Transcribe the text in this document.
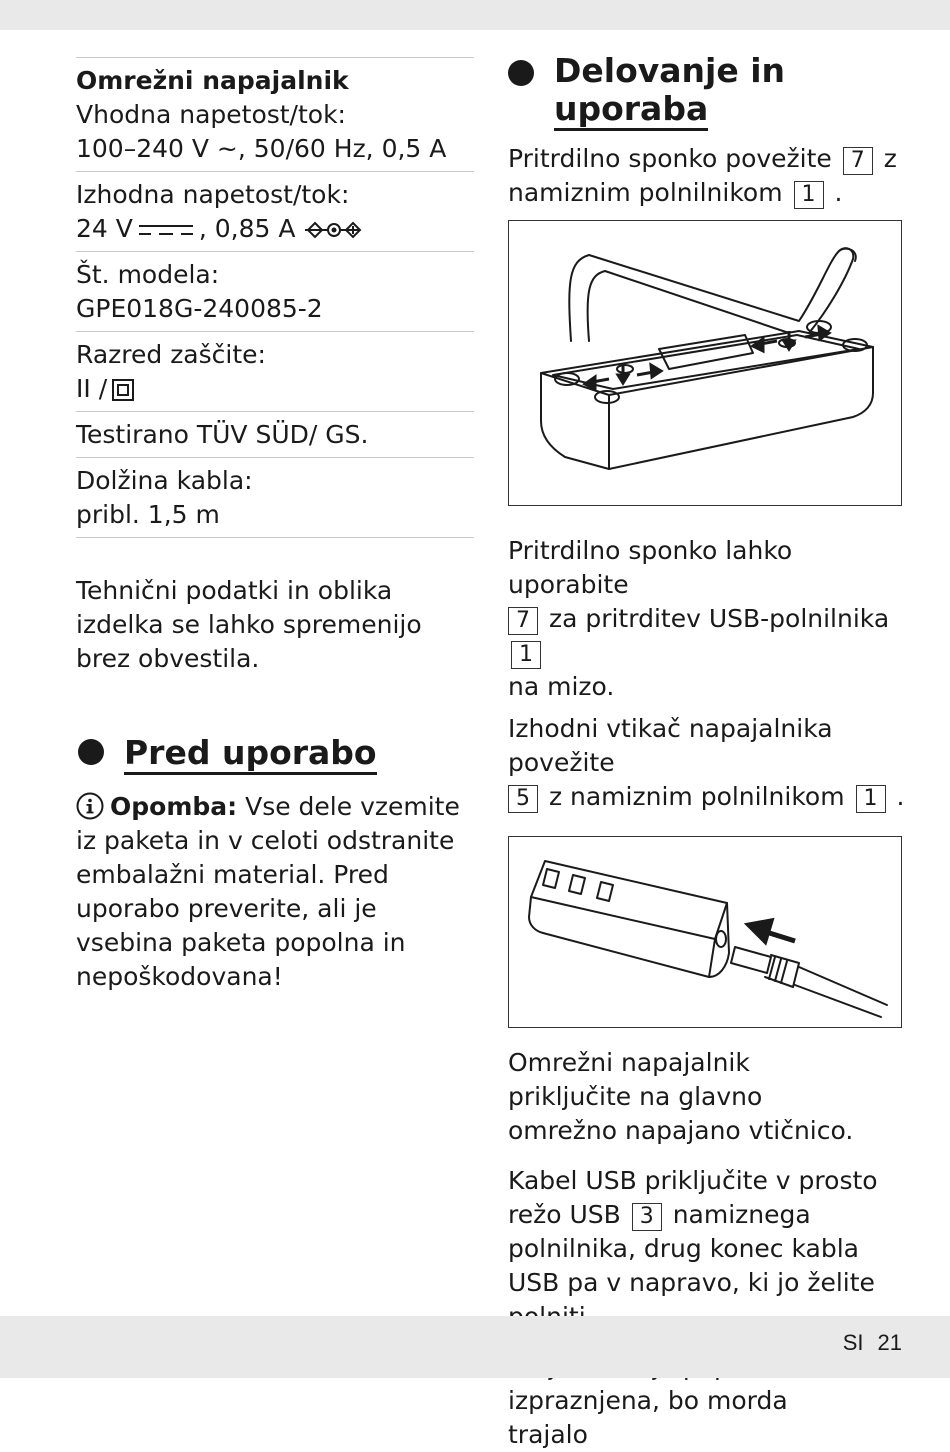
Omrežni napajalnik
Vhodna napetost/tok:
100–240 V ~, 50/60 Hz, 0,5 A
Izhodna napetost/tok:
24 V	, 0,85 A
Št. modela:
GPE018G-240085-2
Razred zaščite:
II /
Testirano TÜV SÜD/ GS.
Dolžina kabla:
pribl. 1,5 m
Tehnični podatki in oblika izdelka se lahko spremenijo brez obvestila.
Pred uporabo
Opomba: Vse dele vzemite iz paketa in v celoti odstranite embalažni material. Pred uporabo preverite, ali je vsebina paketa popolna in nepoškodovana!
Delovanje in
uporaba

Pritrdilno sponko povežite 7 z namiznim polnilnikom 1 .

Pritrdilno sponko lahko uporabite
7 za pritrditev USB-polnilnika 1
na mizo.

Izhodni vtikač napajalnika povežite
5 z namiznim polnilnikom 1 .

Omrežni napajalnik priključite na glavno omrežno napajano vtičnico.

Kabel USB priključite v prosto režo USB 3 namiznega polnilnika, drug konec kabla USB pa v napravo, ki jo želite

izpraznjena, bo morda trajalo

SI 21
